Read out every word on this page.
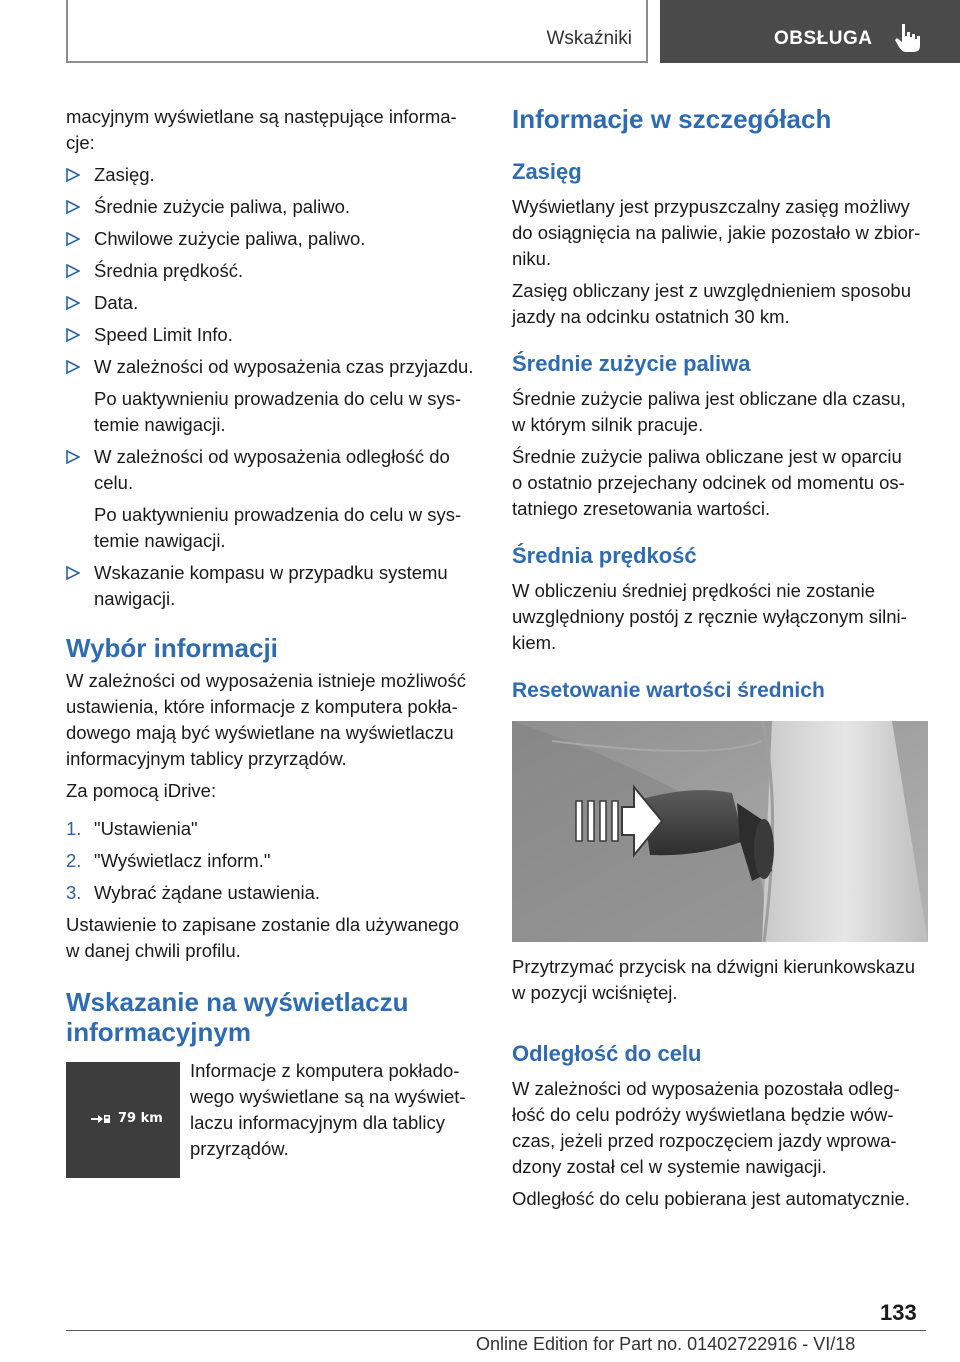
Wskaźniki	OBSŁUGA

macyjnym wyświetlane są następujące informa-

cje:

Zasięg.
Średnie zużycie paliwa, paliwo.
Chwilowe zużycie paliwa, paliwo.
Średnia prędkość.
Data.
Speed Limit Info.
W zależności od wyposażenia czas przyjazdu.

Po uaktywnieniu prowadzenia do celu w sys-

temie nawigacji.

W zależności od wyposażenia odległość do

celu.

Po uaktywnieniu prowadzenia do celu w sys-

temie nawigacji.

Wskazanie kompasu w przypadku systemu

nawigacji.

Wybór informacji

W zależności od wyposażenia istnieje możliwość

ustawienia, które informacje z komputera pokła-

dowego mają być wyświetlane na wyświetlaczu

informacyjnym tablicy przyrządów.

Za pomocą iDrive:

1. "Ustawienia"
2. "Wyświetlacz inform."
3. Wybrać żądane ustawienia.

Ustawienie to zapisane zostanie dla używanego

w danej chwili profilu.

Wskazanie na wyświetlaczu
informacyjnym

Informacje z komputera pokłado-

wego wyświetlane są na wyświet-

laczu informacyjnym dla tablicy

przyrządów.

79 km
Informacje w szczegółach
Zasięg

Wyświetlany jest przypuszczalny zasięg możliwy

do osiągnięcia na paliwie, jakie pozostało w zbior-

niku.

Zasięg obliczany jest z uwzględnieniem sposobu

jazdy na odcinku ostatnich 30 km.

Średnie zużycie paliwa

Średnie zużycie paliwa jest obliczane dla czasu,

w którym silnik pracuje.

Średnie zużycie paliwa obliczane jest w oparciu

o ostatnio przejechany odcinek od momentu os-

tatniego zresetowania wartości.

Średnia prędkość

W obliczeniu średniej prędkości nie zostanie

uwzględniony postój z ręcznie wyłączonym silni-

kiem.

Resetowanie wartości średnich

Przytrzymać przycisk na dźwigni kierunkowskazu

w pozycji wciśniętej.

Odległość do celu

W zależności od wyposażenia pozostała odleg-

łość do celu podróży wyświetlana będzie wów-

czas, jeżeli przed rozpoczęciem jazdy wprowa-

dzony został cel w systemie nawigacji.

Odległość do celu pobierana jest automatycznie.

133
Online Edition for Part no. 01402722916 - VI/18
